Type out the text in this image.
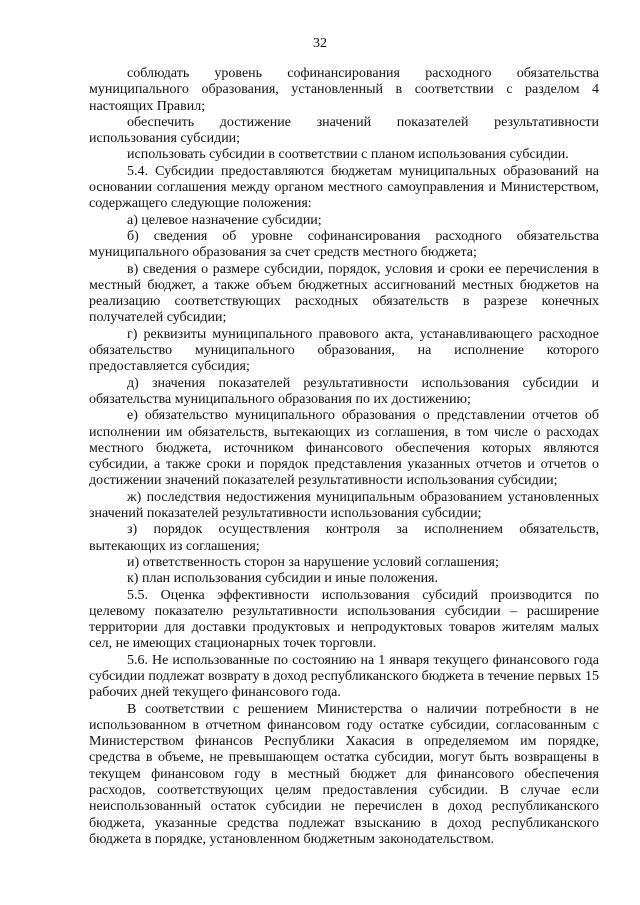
32

соблюдать уровень софинансирования расходного обязательства муниципального образования, установленный в соответствии с разделом 4 настоящих Правил;

обеспечить достижение значений показателей результативности использования субсидии;

использовать субсидии в соответствии с планом использования субсидии.

5.4. Субсидии предоставляются бюджетам муниципальных образований на основании соглашения между органом местного самоуправления и Министерством, содержащего следующие положения:

а) целевое назначение субсидии;

б) сведения об уровне софинансирования расходного обязательства муниципального образования за счет средств местного бюджета;

в) сведения о размере субсидии, порядок, условия и сроки ее перечисления в местный бюджет, а также объем бюджетных ассигнований местных бюджетов на реализацию соответствующих расходных обязательств в разрезе конечных получателей субсидии;

г) реквизиты муниципального правового акта, устанавливающего расходное обязательство муниципального образования, на исполнение которого предоставляется субсидия;

д) значения показателей результативности использования субсидии и обязательства муниципального образования по их достижению;

е) обязательство муниципального образования о представлении отчетов об исполнении им обязательств, вытекающих из соглашения, в том числе о расходах местного бюджета, источником финансового обеспечения которых являются субсидии, а также сроки и порядок представления указанных отчетов и отчетов о достижении значений показателей результативности использования субсидии;

ж) последствия недостижения муниципальным образованием установленных значений показателей результативности использования субсидии;

з) порядок осуществления контроля за исполнением обязательств, вытекающих из соглашения;

и) ответственность сторон за нарушение условий соглашения;

к) план использования субсидии и иные положения.

5.5. Оценка эффективности использования субсидий производится по целевому показателю результативности использования субсидии – расширение территории для доставки продуктовых и непродуктовых товаров жителям малых сел, не имеющих стационарных точек торговли.

5.6. Не использованные по состоянию на 1 января текущего финансового года субсидии подлежат возврату в доход республиканского бюджета в течение первых 15 рабочих дней текущего финансового года.

В соответствии с решением Министерства о наличии потребности в не использованном в отчетном финансовом году остатке субсидии, согласованным с Министерством финансов Республики Хакасия в определяемом им порядке, средства в объеме, не превышающем остатка субсидии, могут быть возвращены в текущем финансовом году в местный бюджет для финансового обеспечения расходов, соответствующих целям предоставления субсидии. В случае если неиспользованный остаток субсидии не перечислен в доход республиканского бюджета, указанные средства подлежат взысканию в доход республиканского бюджета в порядке, установленном бюджетным законодательством.
